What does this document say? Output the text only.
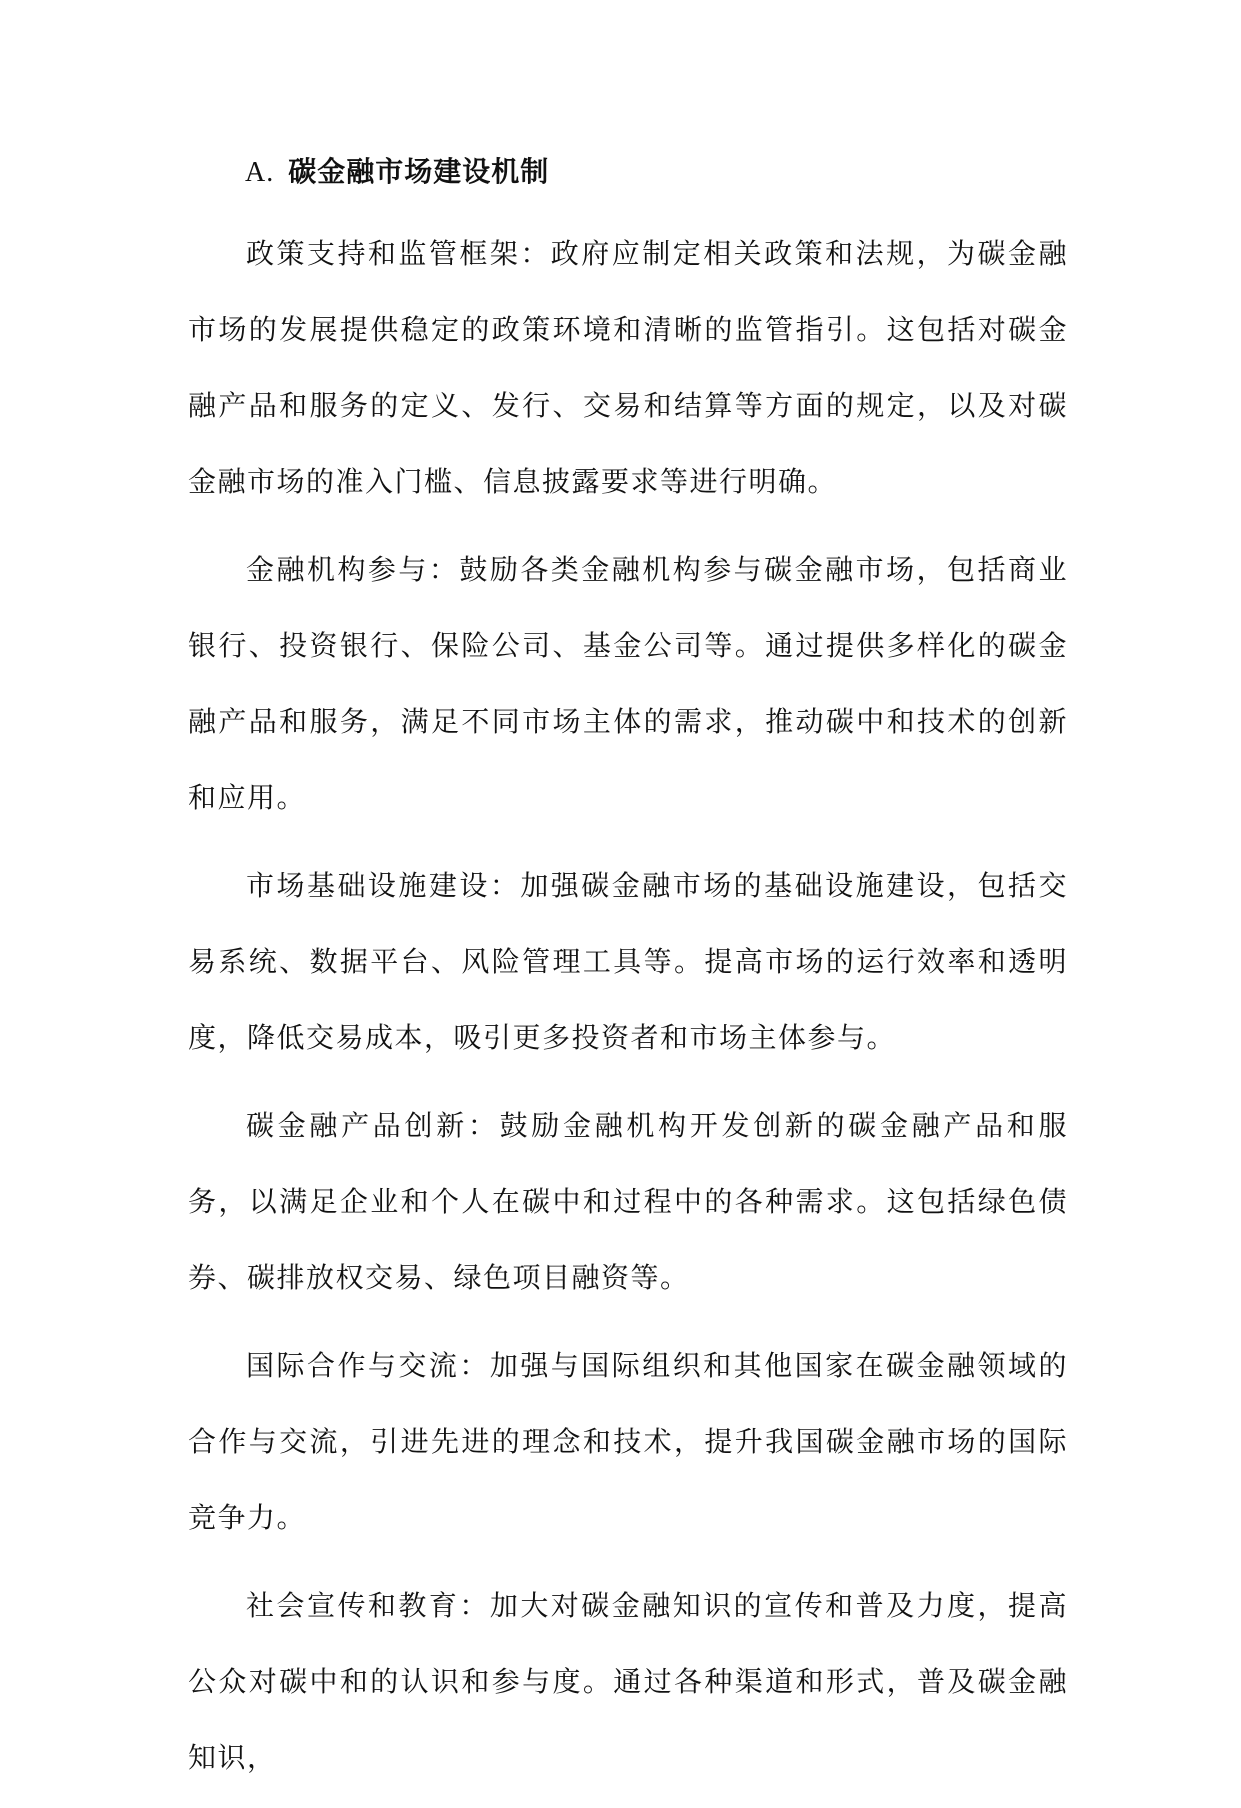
A. 碳金融市场建设机制

政策支持和监管框架：政府应制定相关政策和法规，为碳金融市场的发展提供稳定的政策环境和清晰的监管指引。这包括对碳金融产品和服务的定义、发行、交易和结算等方面的规定，以及对碳金融市场的准入门槛、信息披露要求等进行明确。

金融机构参与：鼓励各类金融机构参与碳金融市场，包括商业银行、投资银行、保险公司、基金公司等。通过提供多样化的碳金融产品和服务，满足不同市场主体的需求，推动碳中和技术的创新和应用。

市场基础设施建设：加强碳金融市场的基础设施建设，包括交易系统、数据平台、风险管理工具等。提高市场的运行效率和透明度，降低交易成本，吸引更多投资者和市场主体参与。

碳金融产品创新：鼓励金融机构开发创新的碳金融产品和服务，以满足企业和个人在碳中和过程中的各种需求。这包括绿色债券、碳排放权交易、绿色项目融资等。

国际合作与交流：加强与国际组织和其他国家在碳金融领域的合作与交流，引进先进的理念和技术，提升我国碳金融市场的国际竞争力。

社会宣传和教育：加大对碳金融知识的宣传和普及力度，提高公众对碳中和的认识和参与度。通过各种渠道和形式，普及碳金融知识，
